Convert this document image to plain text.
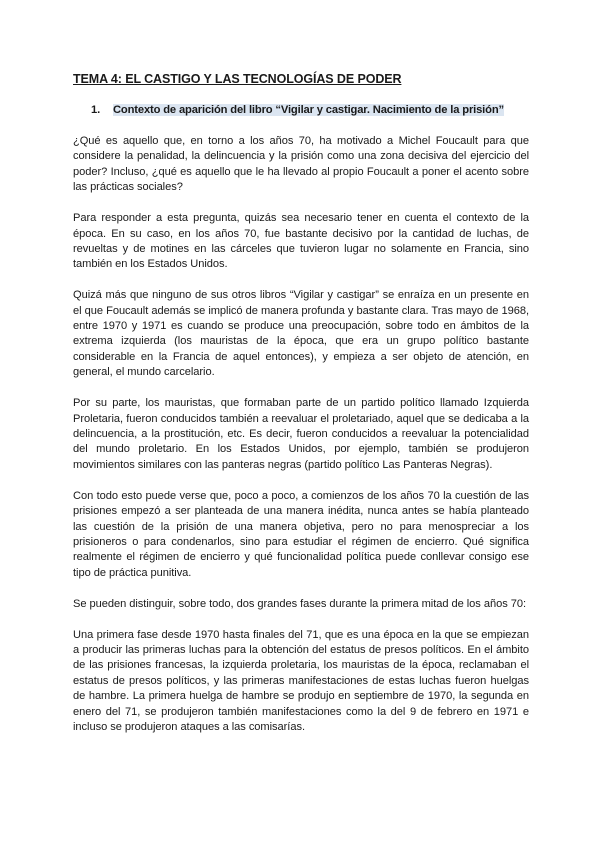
TEMA 4: EL CASTIGO Y LAS TECNOLOGÍAS DE PODER
1. Contexto de aparición del libro “Vigilar y castigar. Nacimiento de la prisión”

¿Qué es aquello que, en torno a los años 70, ha motivado a Michel Foucault para que considere la penalidad, la delincuencia y la prisión como una zona decisiva del ejercicio del poder? Incluso, ¿qué es aquello que le ha llevado al propio Foucault a poner el acento sobre las prácticas sociales?

Para responder a esta pregunta, quizás sea necesario tener en cuenta el contexto de la época. En su caso, en los años 70, fue bastante decisivo por la cantidad de luchas, de revueltas y de motines en las cárceles que tuvieron lugar no solamente en Francia, sino también en los Estados Unidos.

Quizá más que ninguno de sus otros libros “Vigilar y castigar” se enraíza en un presente en el que Foucault además se implicó de manera profunda y bastante clara. Tras mayo de 1968, entre 1970 y 1971 es cuando se produce una preocupación, sobre todo en ámbitos de la extrema izquierda (los mauristas de la época, que era un grupo político bastante considerable en la Francia de aquel entonces), y empieza a ser objeto de atención, en general, el mundo carcelario.

Por su parte, los mauristas, que formaban parte de un partido político llamado Izquierda Proletaria, fueron conducidos también a reevaluar el proletariado, aquel que se dedicaba a la delincuencia, a la prostitución, etc. Es decir, fueron conducidos a reevaluar la potencialidad del mundo proletario. En los Estados Unidos, por ejemplo, también se produjeron movimientos similares con las panteras negras (partido político Las Panteras Negras).

Con todo esto puede verse que, poco a poco, a comienzos de los años 70 la cuestión de las prisiones empezó a ser planteada de una manera inédita, nunca antes se había planteado las cuestión de la prisión de una manera objetiva, pero no para menospreciar a los prisioneros o para condenarlos, sino para estudiar el régimen de encierro. Qué significa realmente el régimen de encierro y qué funcionalidad política puede conllevar consigo ese tipo de práctica punitiva.

Se pueden distinguir, sobre todo, dos grandes fases durante la primera mitad de los años 70:

Una primera fase desde 1970 hasta finales del 71, que es una época en la que se empiezan a producir las primeras luchas para la obtención del estatus de presos políticos. En el ámbito de las prisiones francesas, la izquierda proletaria, los mauristas de la época, reclamaban el estatus de presos políticos, y las primeras manifestaciones de estas luchas fueron huelgas de hambre. La primera huelga de hambre se produjo en septiembre de 1970, la segunda en enero del 71, se produjeron también manifestaciones como la del 9 de febrero en 1971 e incluso se produjeron ataques a las comisarías.
